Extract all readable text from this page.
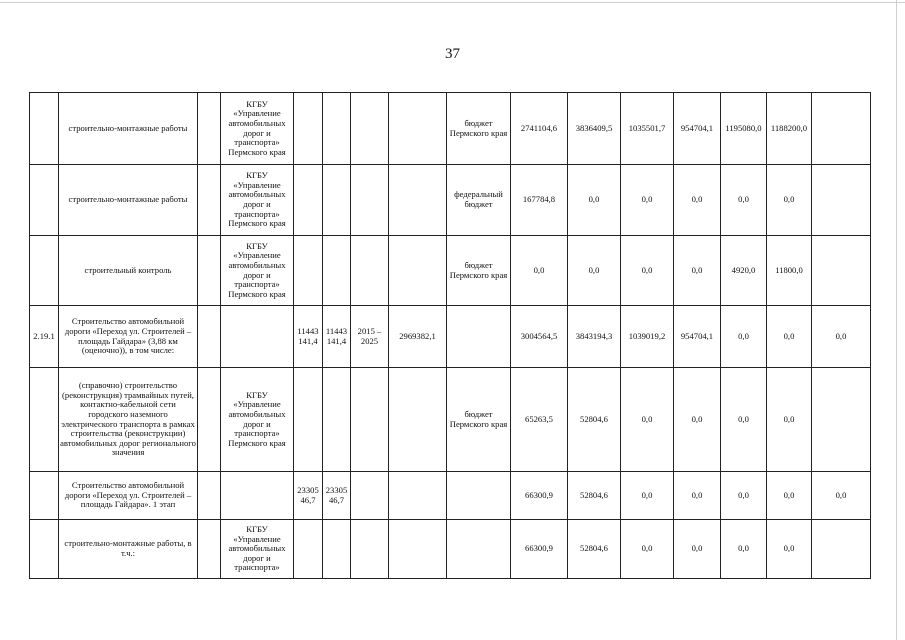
37
	строительно-монтажные работы		КГБУ «Управление автомобильных дорог и транспорта» Пермского края					бюджет Пермского края	2741104,6	3836409,5	1035501,7	954704,1	1195080,0	1188200,0	
	строительно-монтажные работы		КГБУ «Управление автомобильных дорог и транспорта» Пермского края					федеральный бюджет	167784,8	0,0	0,0	0,0	0,0	0,0	
	строительный контроль		КГБУ «Управление автомобильных дорог и транспорта» Пермского края					бюджет Пермского края	0,0	0,0	0,0	0,0	4920,0	11800,0	
2.19.1	Строительство автомобильной дороги «Переход ул. Строителей – площадь Гайдара» (3,88 км (оценочно)), в том числе:			11443 141,4	11443 141,4	2015 – 2025	2969382,1		3004564,5	3843194,3	1039019,2	954704,1	0,0	0,0	0,0
	(справочно) строительство (реконструкция) трамвайных путей, контактно-кабельной сети городского наземного электрического транспорта в рамках строительства (реконструкции) автомобильных дорог регионального значения		КГБУ «Управление автомобильных дорог и транспорта» Пермского края					бюджет Пермского края	65263,5	52804,6	0,0	0,0	0,0	0,0	
	Строительство автомобильной дороги «Переход ул. Строителей – площадь Гайдара». 1 этап			23305 46,7	23305 46,7				66300,9	52804,6	0,0	0,0	0,0	0,0	0,0
	строительно-монтажные работы, в т.ч.:		КГБУ «Управление автомобильных дорог и транспорта»						66300,9	52804,6	0,0	0,0	0,0	0,0	
